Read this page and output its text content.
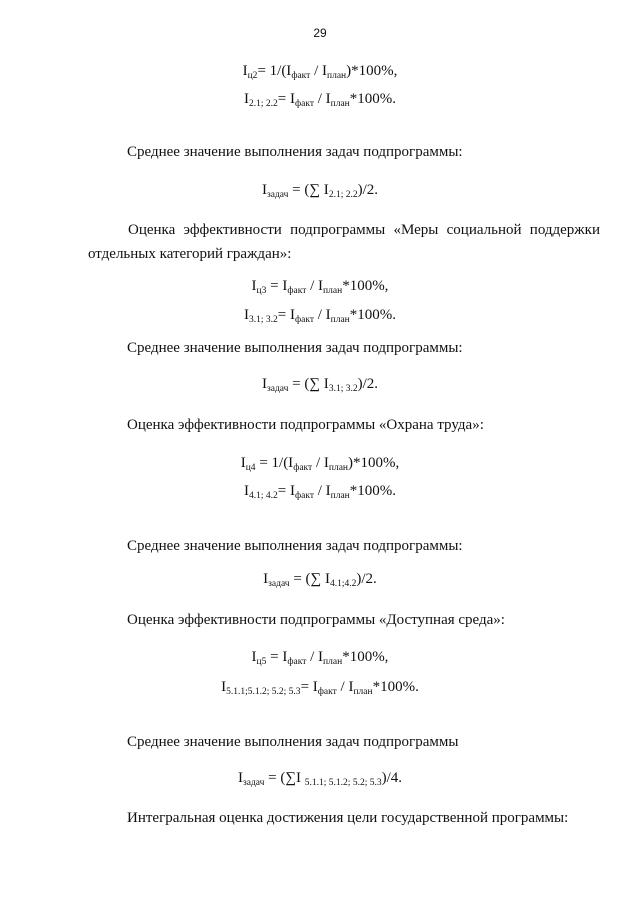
29
$I_{ц2}= 1/(I_{факт} / I_{план})*100\%$,
$I_{2.1; 2.2}= I_{факт} / I_{план}*100\%$.
Среднее значение выполнения задач подпрограммы:
$I_{задач}$ = (∑ $I_{2.1; 2.2})/2$.
Оценка эффективности подпрограммы «Меры социальной поддержки
отдельных категорий граждан»:
$I_{ц3} = I_{факт} / I_{план}*100\%$,
$I_{3.1; 3.2}= I_{факт} / I_{план}*100\%$.
Среднее значение выполнения задач подпрограммы:
$I_{задач}$ = (∑ $I_{3.1; 3.2})/2$.
Оценка эффективности подпрограммы «Охрана труда»:
$I_{ц4} = 1/(I_{факт} / I_{план})*100\%$,
$I_{4.1; 4.2}= I_{факт} / I_{план}*100\%$.
Среднее значение выполнения задач подпрограммы:
$I_{задач}$ = (∑ $I_{4.1;4.2})/2$.
Оценка эффективности подпрограммы «Доступная среда»:
$I_{ц5} = I_{факт} / I_{план}*100\%$,
$I_{5.1.1;5.1.2; 5.2; 5.3}= I_{факт} / I_{план}*100\%$.
Среднее значение выполнения задач подпрограммы
$I_{задач} = (\sum I$ $_{5.1.1; 5.1.2; 5.2; 5.3}$)/4.
Интегральная оценка достижения цели государственной программы:
